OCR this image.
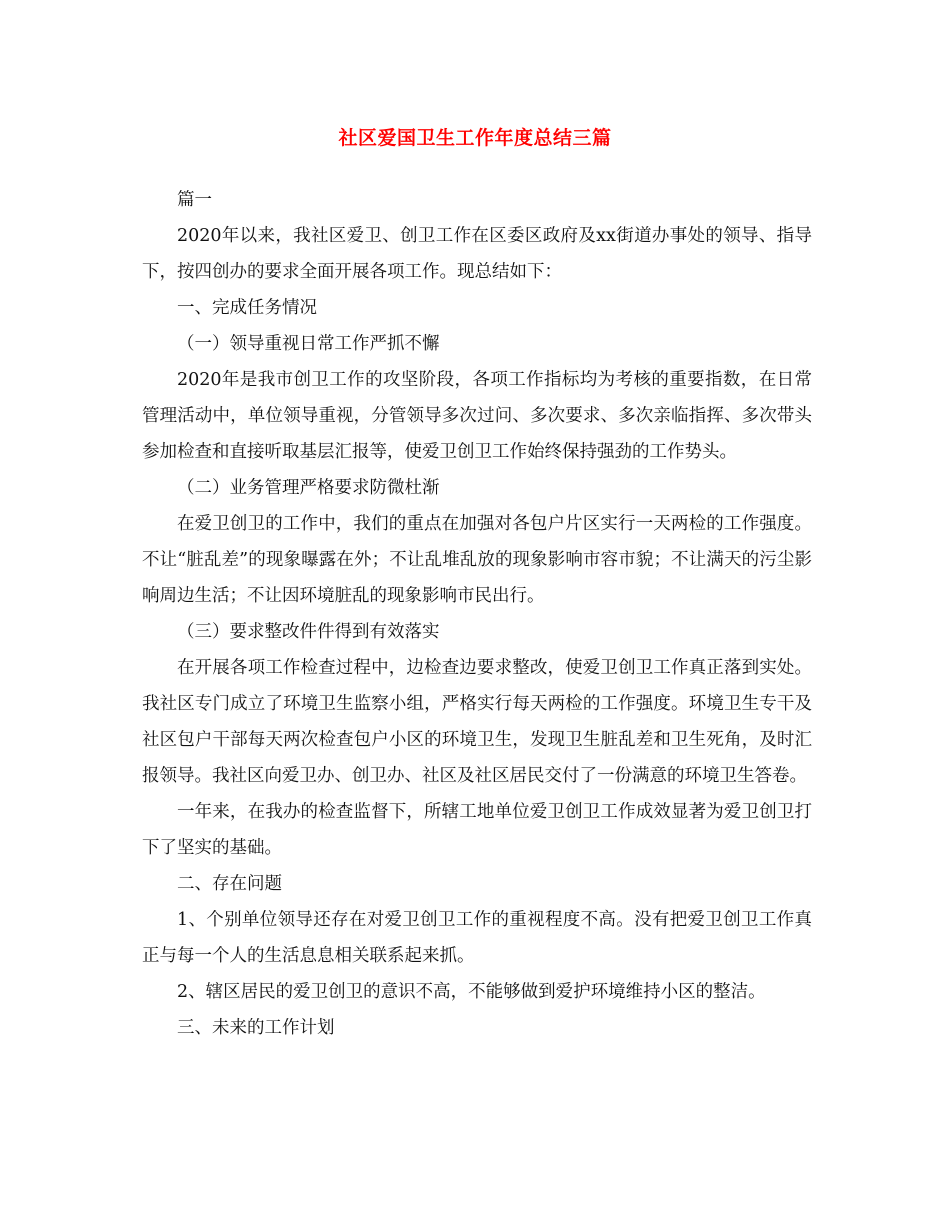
社区爱国卫生工作年度总结三篇

篇一

2020年以来，我社区爱卫、创卫工作在区委区政府及xx街道办事处的领导、指导下，按四创办的要求全面开展各项工作。现总结如下：

一、完成任务情况

（一）领导重视日常工作严抓不懈

2020年是我市创卫工作的攻坚阶段，各项工作指标均为考核的重要指数，在日常管理活动中，单位领导重视，分管领导多次过问、多次要求、多次亲临指挥、多次带头参加检查和直接听取基层汇报等，使爱卫创卫工作始终保持强劲的工作势头。

（二）业务管理严格要求防微杜渐

在爱卫创卫的工作中，我们的重点在加强对各包户片区实行一天两检的工作强度。不让“脏乱差”的现象曝露在外；不让乱堆乱放的现象影响市容市貌；不让满天的污尘影响周边生活；不让因环境脏乱的现象影响市民出行。

（三）要求整改件件得到有效落实

在开展各项工作检查过程中，边检查边要求整改，使爱卫创卫工作真正落到实处。我社区专门成立了环境卫生监察小组，严格实行每天两检的工作强度。环境卫生专干及社区包户干部每天两次检查包户小区的环境卫生，发现卫生脏乱差和卫生死角，及时汇报领导。我社区向爱卫办、创卫办、社区及社区居民交付了一份满意的环境卫生答卷。

一年来，在我办的检查监督下，所辖工地单位爱卫创卫工作成效显著为爱卫创卫打下了坚实的基础。

二、存在问题

1、个别单位领导还存在对爱卫创卫工作的重视程度不高。没有把爱卫创卫工作真正与每一个人的生活息息相关联系起来抓。

2、辖区居民的爱卫创卫的意识不高，不能够做到爱护环境维持小区的整洁。

三、未来的工作计划
